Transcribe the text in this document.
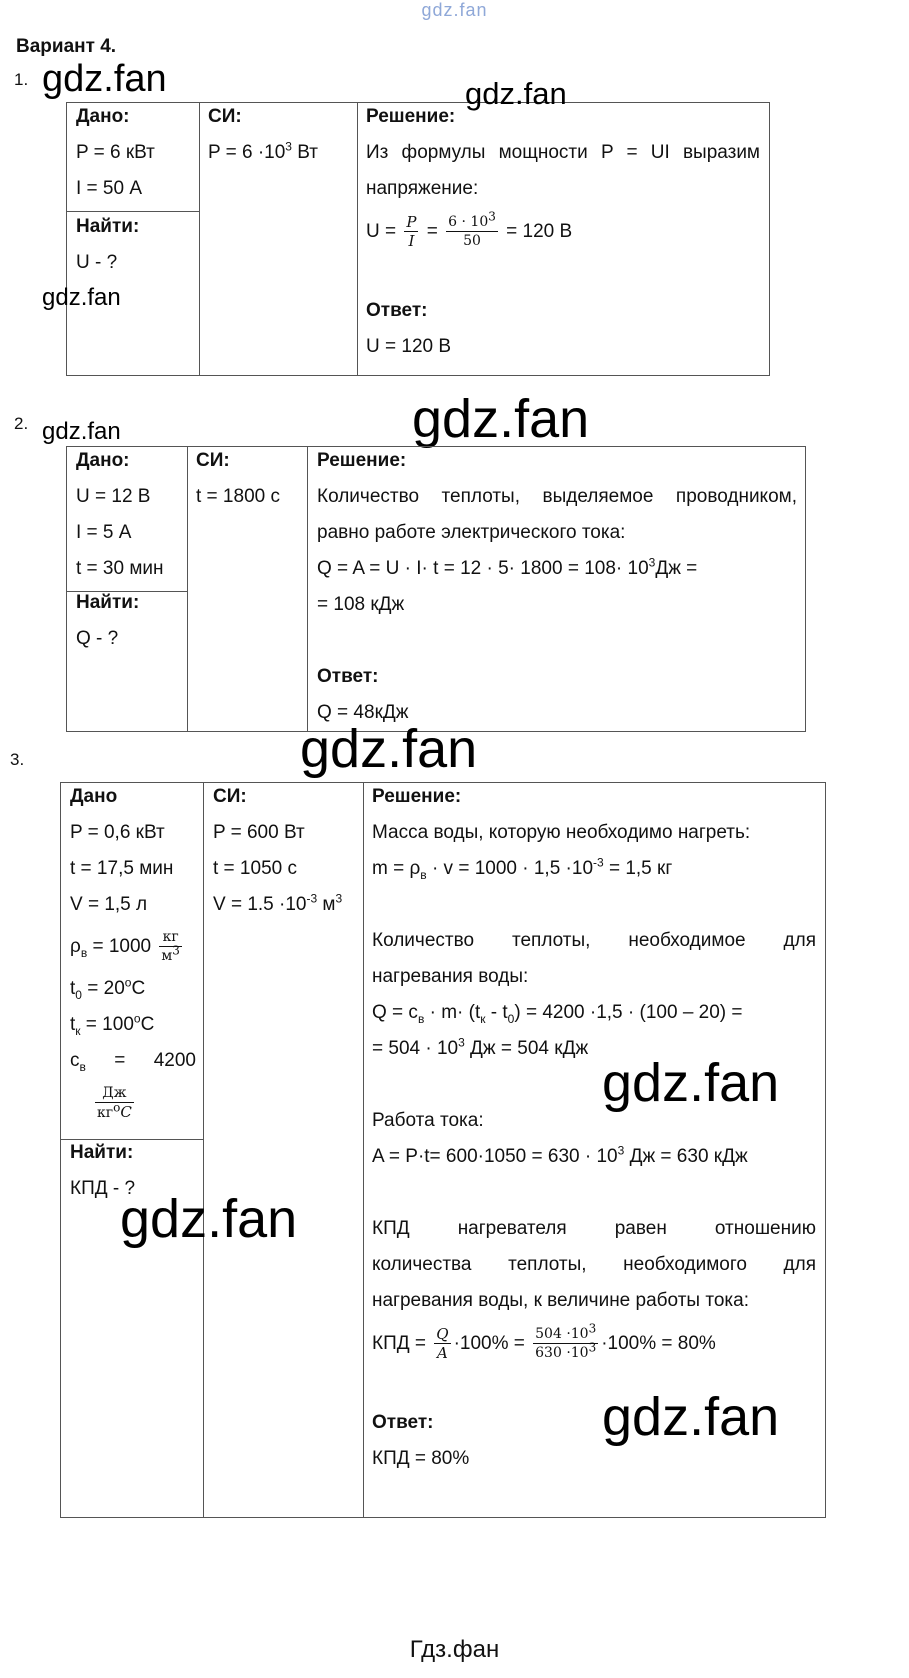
gdz.fan
Вариант 4.
1. gdz.fan
Дано:
P = 6 кВт
I = 50 А
Найти:
U - ?
СИ:
$P = 6 \cdot 10^3$ Вт
Решение:
Из формулы мощности P = UI выразим
напряжение:
$U = \frac{P}{I} = \frac{6 \cdot 10^3}{50} = 120$ В

Ответ:
U = 120 В
gdz.fan
gdz.fan
2. gdz.fan	gdz.fan
Дано:
U = 12 В
I = 5 А
t = 30 мин
Найти:
Q - ?
СИ:
t = 1800 с
Решение:
Количество теплоты, выделяемое проводником,
равно работе электрического тока:
$Q = A = U \cdot I\cdot t = 12 \cdot 5\cdot 1800 = 108\cdot 10^3Дж$ =
= 108 кДж

Ответ:
Q = 48кДж
3.	gdz.fan
Дано
P = 0,6 кВт
t = 17,5 мин
V = 1,5 л
$\rho_в = 1000 \frac{кг}{м^3}$
$t_0 = 20^oC$
$t_к = 100^oC$
$c_в = 4200$
$\frac{Дж}{кг^oC}$
Найти:
КПД - ?
СИ:
P = 600 Вт
t = 1050 с
$V = 1.5 \cdot 10^{-3}$ $м^3$
Решение:
Масса воды, которую необходимо нагреть:
$m = \rho_в \cdot v = 1000 \cdot 1,5 \cdot 10^{-3} = 1,5$ кг

Количество теплоты, необходимое для
нагревания воды:
$Q = c_в \cdot m\cdot (t_к - t_0) = 4200 \cdot 1,5 \cdot (100 - 20)$ =
= $504 \cdot 10^3$ Дж = 504 кДж

Работа тока:
$A = P\cdot t= 600\cdot 1050 = 630 \cdot 10^3$ Дж = 630 кДж

КПД нагревателя равен отношению
количества теплоты, необходимого для
нагревания воды, к величине работы тока:
КПД = $\frac{Q}{A} \cdot 100\% = \frac{504 \cdot 10^3}{630 \cdot 10^3} \cdot 100\% = 80\%$

Ответ:
КПД = 80%
gdz.fan
gdz.fan
gdz.fan
Гдз.фан
